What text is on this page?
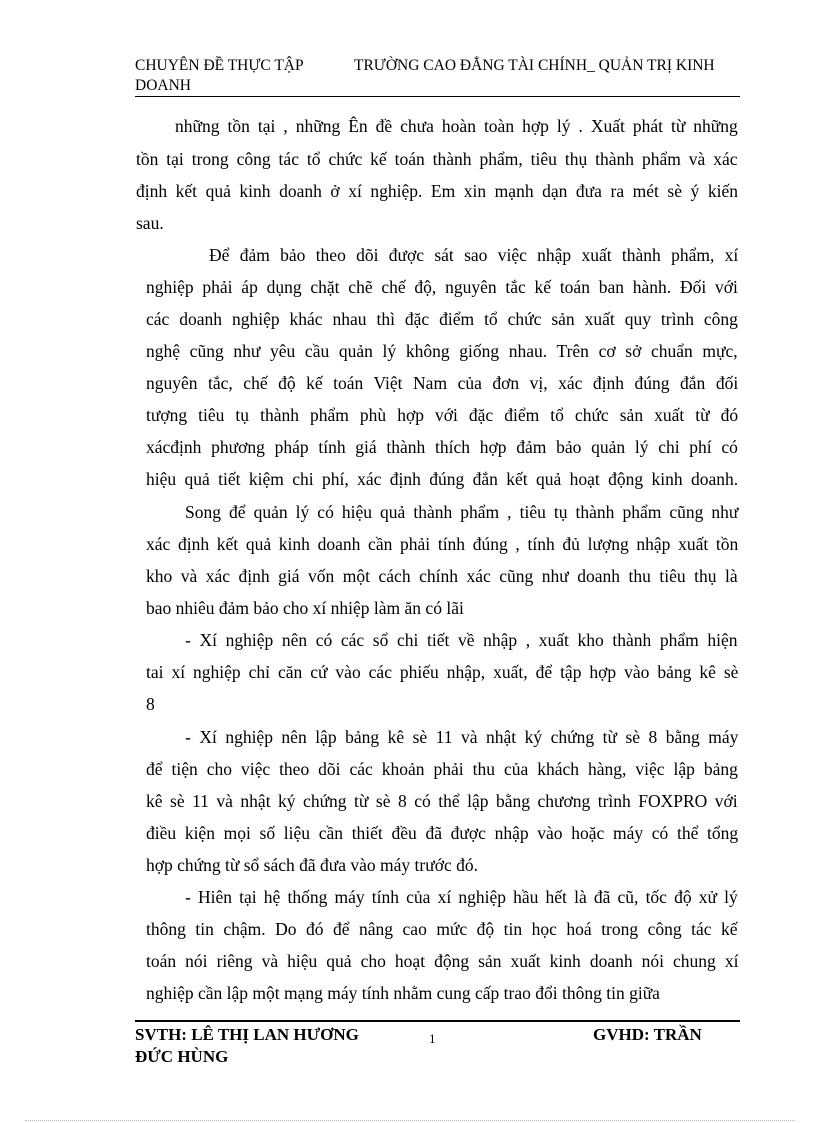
CHUYÊN ĐỀ THỰC TẬP	TRƯỜNG CAO ĐẲNG TÀI CHÍNH_ QUẢN TRỊ KINH
DOANH
những tồn tại , những Ên đề chưa hoàn toàn hợp lý . Xuất phát từ những
tồn tại trong công tác tổ chức kế toán thành phẩm, tiêu thụ thành phẩm và xác
định kết quả kinh doanh ở xí nghiệp. Em xin mạnh dạn đưa ra mét sè ý kiến
sau.
Để đảm bảo theo dõi được sát sao việc nhập xuất thành phẩm, xí
nghiệp phải áp dụng chặt chẽ chế độ, nguyên tắc kế toán ban hành. Đối với
các doanh nghiệp khác nhau thì đặc điểm tổ chức sản xuất quy trình công
nghệ cũng như yêu cầu quản lý không giống nhau. Trên cơ sở chuẩn mực,
nguyên tắc, chế độ kế toán Việt Nam của đơn vị, xác định đúng đắn đối
tượng tiêu tụ thành phẩm phù hợp với đặc điểm tổ chức sản xuất từ đó
xácđịnh phương pháp tính giá thành thích hợp đảm bảo quản lý chi phí có
hiệu quả tiết kiệm chi phí, xác định đúng đắn kết quả hoạt động kinh doanh.
Song để quản lý có hiệu quả thành phẩm , tiêu tụ thành phẩm cũng như
xác định kết quả kinh doanh cần phải tính đúng , tính đủ lượng nhập xuất tồn
kho và xác định giá vốn một cách chính xác cũng như doanh thu tiêu thụ là
bao nhiêu đảm bảo cho xí nhiệp làm ăn có lãi
- Xí nghiệp nên có các sổ chi tiết về nhập , xuất kho thành phẩm hiện
tai xí nghiệp chỉ căn cứ vào các phiếu nhập, xuất, để tập hợp vào bảng kê sè
8
- Xí nghiệp nên lập bảng kê sè 11 và nhật ký chứng từ sè 8 bằng máy
để tiện cho việc theo dõi các khoản phải thu của khách hàng, việc lập bảng
kê sè 11 và nhật ký chứng từ sè 8 có thể lập bằng chương trình FOXPRO với
điều kiện mọi số liệu cần thiết đều đã được nhập vào hoặc máy có thể tổng
hợp chứng từ sổ sách đã đưa vào máy trước đó.
- Hiên tại hệ thống máy tính của xí nghiệp hầu hết là đã cũ, tốc độ xử lý
thông tin chậm. Do đó để nâng cao mức độ tin học hoá trong công tác kế
toán nói riêng và hiệu quả cho hoạt động sản xuất kinh doanh nói chung xí
nghiệp cần lập một mạng máy tính nhằm cung cấp trao đổi thông tin giữa
SVTH: LÊ THỊ LAN HƯƠNG	1	GVHD: TRẦN
ĐỨC HÙNG
